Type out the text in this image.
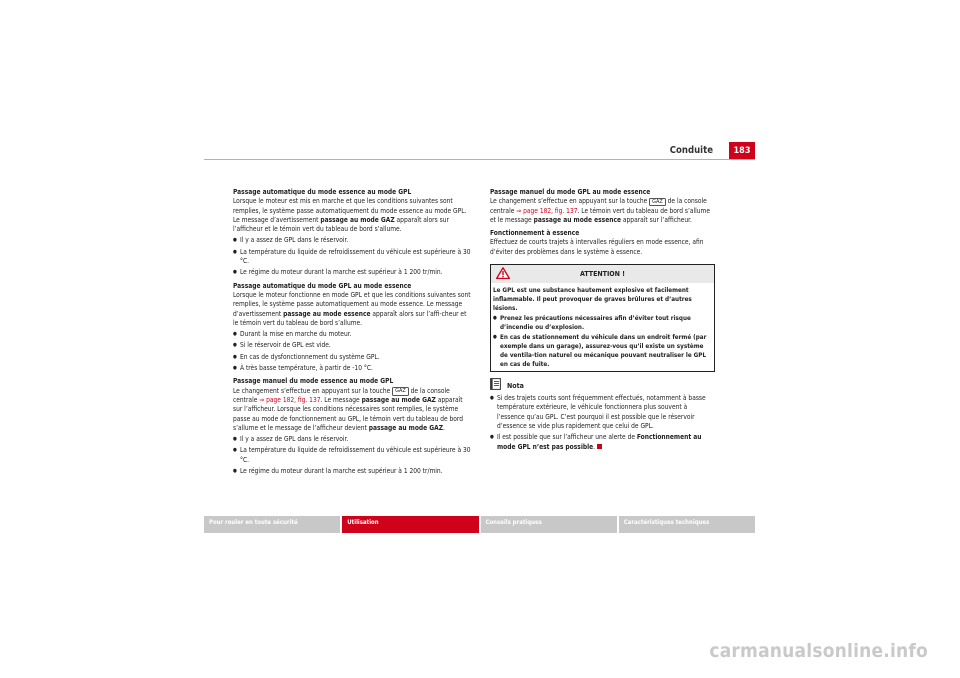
Conduite	183
Passage automatique du mode essence au mode GPL
Lorsque le moteur est mis en marche et que les conditions suivantes sont remplies, le système passe automatiquement du mode essence au mode GPL. Le message d’avertissement passage au mode GAZ apparaît alors sur l’afficheur et le témoin vert du tableau de bord s’allume.
● Il y a assez de GPL dans le réservoir.
● La température du liquide de refroidissement du véhicule est supérieure à 30 °C.
● Le régime du moteur durant la marche est supérieur à 1 200 tr/min.
Passage automatique du mode GPL au mode essence
Lorsque le moteur fonctionne en mode GPL et que les conditions suivantes sont remplies, le système passe automatiquement au mode essence. Le message d’avertissement passage au mode essence apparaît alors sur l’affi-cheur et le témoin vert du tableau de bord s’allume.
● Durant la mise en marche du moteur.
● Si le réservoir de GPL est vide.
● En cas de dysfonctionnement du système GPL.
● À très basse température, à partir de -10 °C.
Passage manuel du mode essence au mode GPL
Le changement s’effectue en appuyant sur la touche GAZ de la console centrale ⇒ page 182, fig. 137. Le message passage au mode GAZ apparaît sur l’afficheur. Lorsque les conditions nécessaires sont remplies, le système passe au mode de fonctionnement au GPL, le témoin vert du tableau de bord s’allume et le message de l’afficheur devient passage au mode GAZ.
● Il y a assez de GPL dans le réservoir.
● La température du liquide de refroidissement du véhicule est supérieure à 30 °C.
● Le régime du moteur durant la marche est supérieur à 1 200 tr/min.
Passage manuel du mode GPL au mode essence
Le changement s’effectue en appuyant sur la touche GAZ de la console centrale ⇒ page 182, fig. 137. Le témoin vert du tableau de bord s’allume et le message passage au mode essence apparaît sur l’afficheur.
Fonctionnement à essence
Effectuez de courts trajets à intervalles réguliers en mode essence, afin d’éviter des problèmes dans le système à essence.
ATTENTION !
Le GPL est une substance hautement explosive et facilement inflammable. Il peut provoquer de graves brûlures et d’autres lésions.
● Prenez les précautions nécessaires afin d’éviter tout risque d’incendie ou d’explosion.
● En cas de stationnement du véhicule dans un endroit fermé (par exemple dans un garage), assurez-vous qu’il existe un système de ventila-tion naturel ou mécanique pouvant neutraliser le GPL en cas de fuite.
Nota
● Si des trajets courts sont fréquemment effectués, notamment à basse température extérieure, le véhicule fonctionnera plus souvent à l’essence qu’au GPL. C’est pourquoi il est possible que le réservoir d’essence se vide plus rapidement que celui de GPL.
● Il est possible que sur l’afficheur une alerte de Fonctionnement au mode GPL n’est pas possible.
Pour rouler en toute sécurité	Utilisation	Conseils pratiques	Caractéristiques techniques
carmanualsonline.info
